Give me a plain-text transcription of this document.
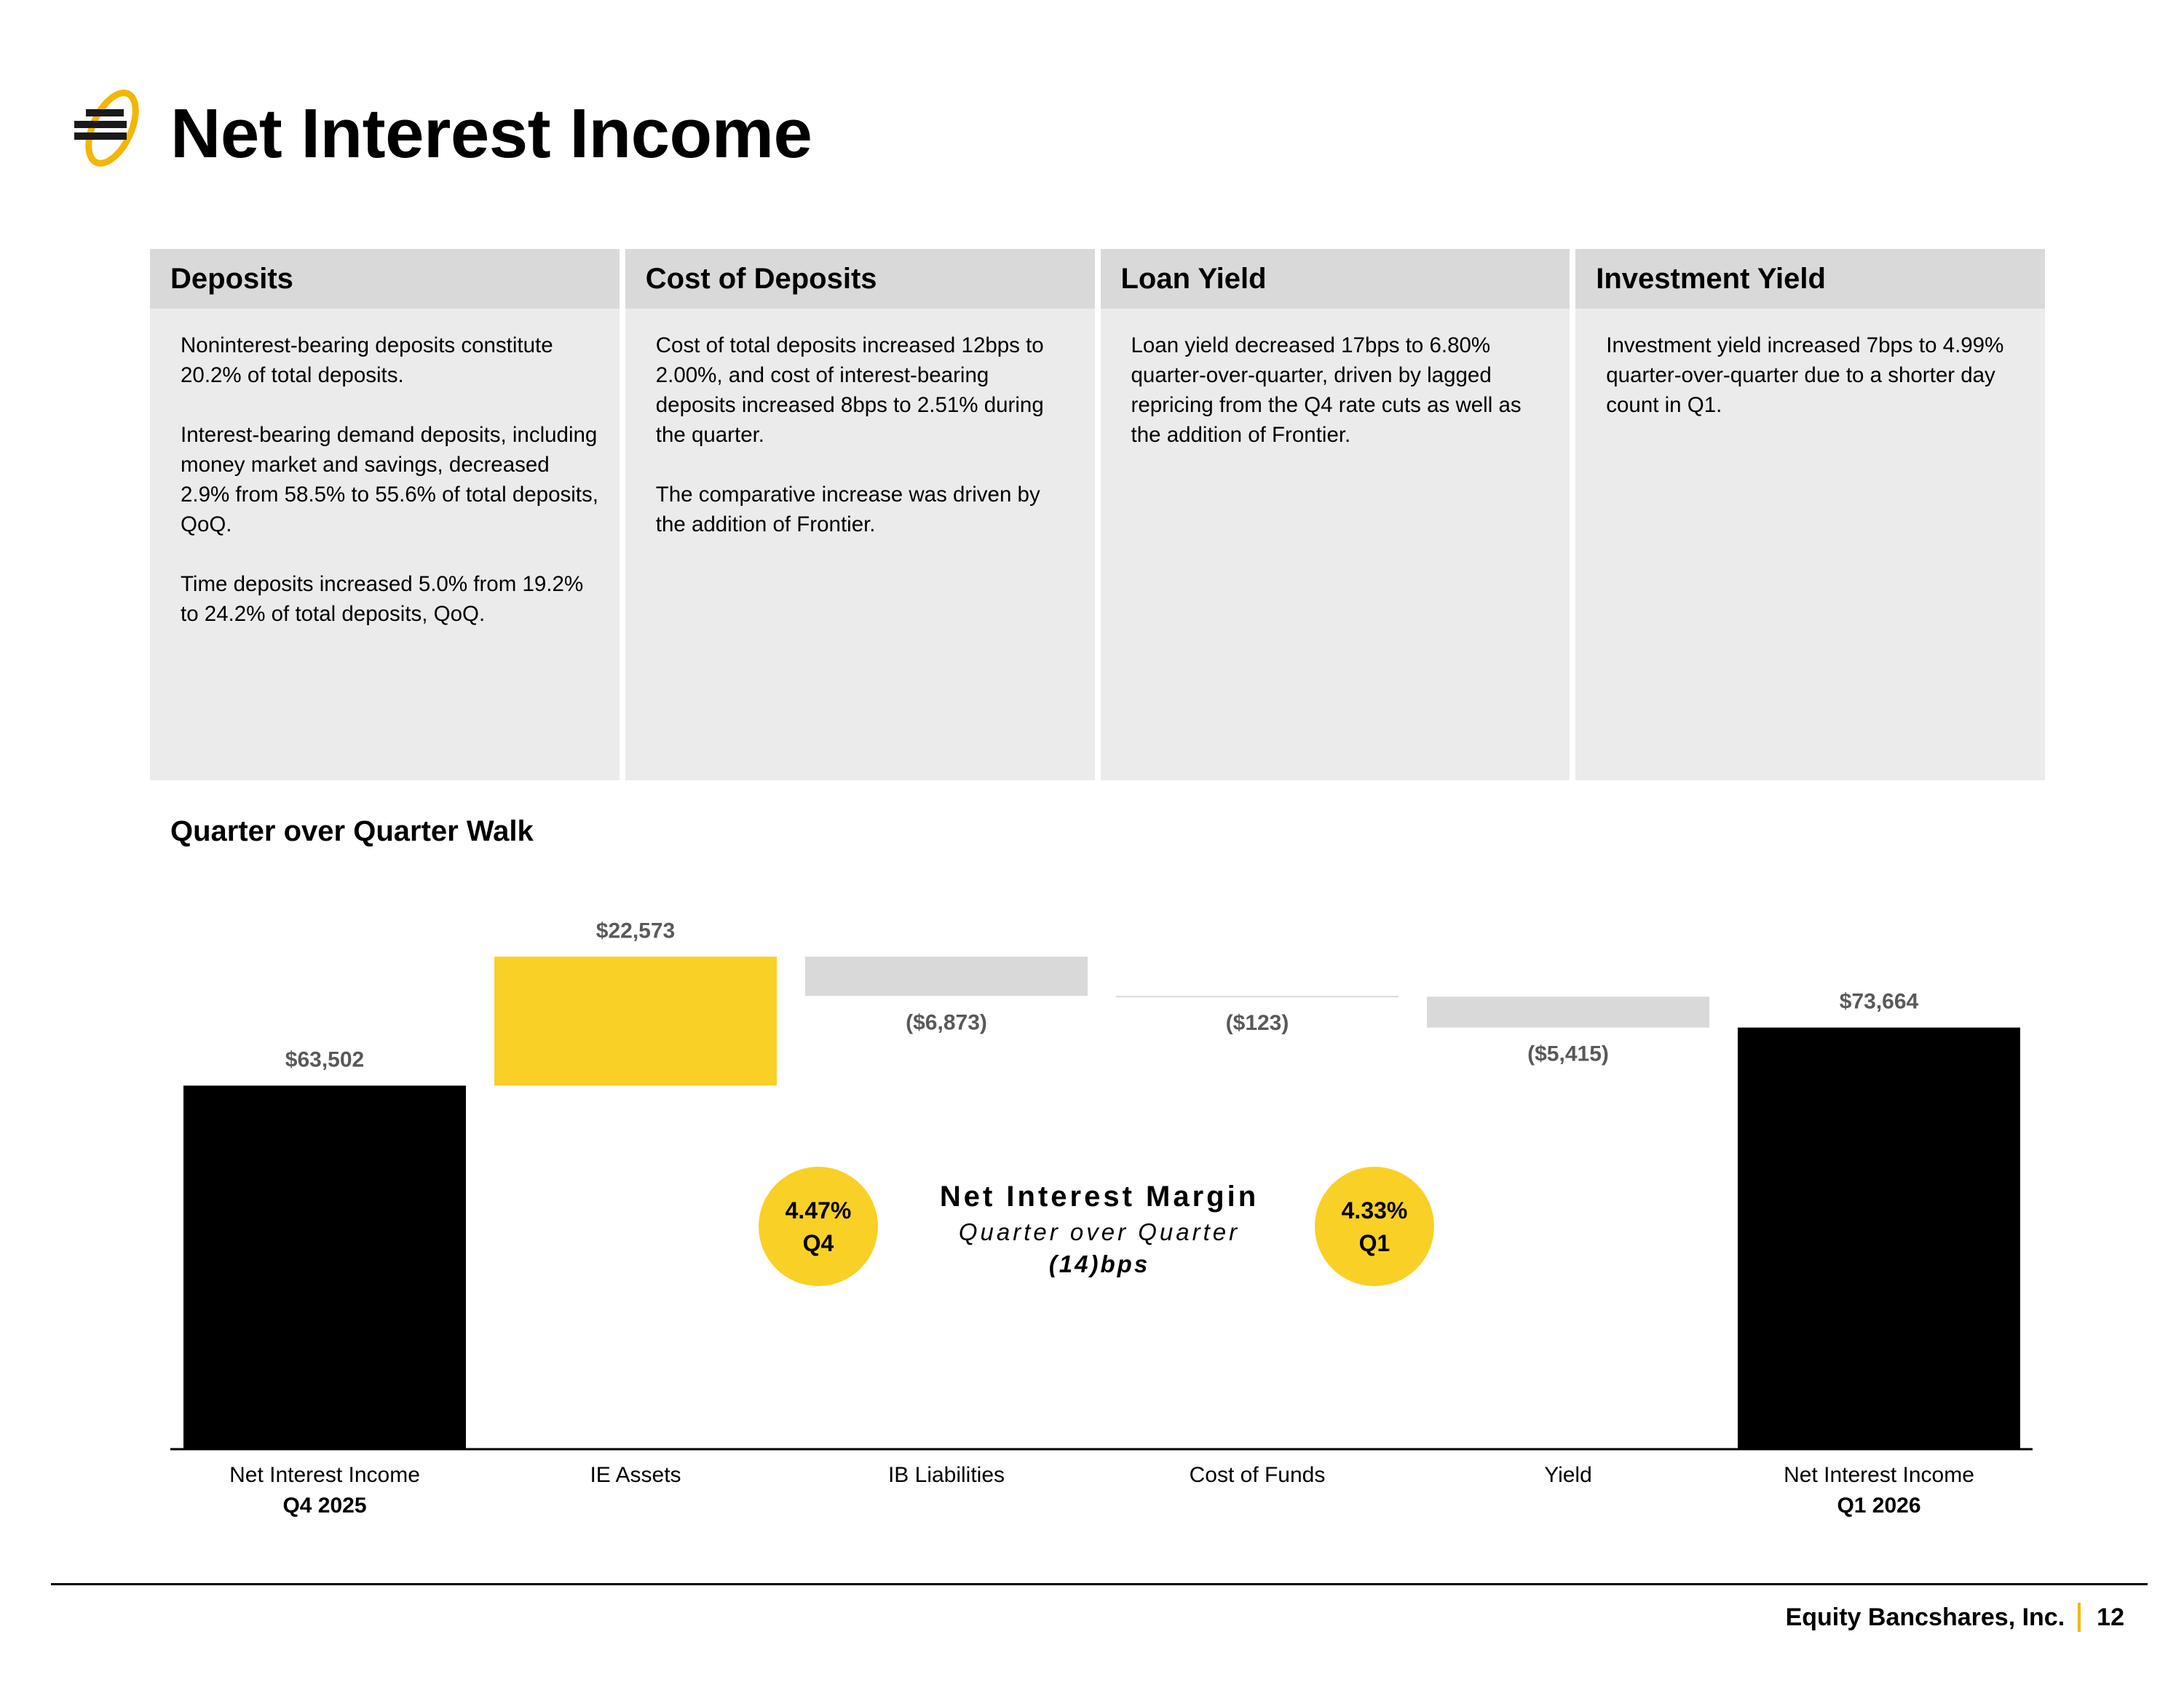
Net Interest Income
Deposits

Noninterest-bearing deposits constitute 20.2% of total deposits.

Interest-bearing demand deposits, including money market and savings, decreased 2.9% from 58.5% to 55.6% of total deposits, QoQ.

Time deposits increased 5.0% from 19.2% to 24.2% of total deposits, QoQ.

Cost of Deposits

Cost of total deposits increased 12bps to 2.00%, and cost of interest-bearing deposits increased 8bps to 2.51% during the quarter.

The comparative increase was driven by the addition of Frontier.

Loan Yield

Loan yield decreased 17bps to 6.80% quarter-over-quarter, driven by lagged repricing from the Q4 rate cuts as well as the addition of Frontier.

Investment Yield

Investment yield increased 7bps to 4.99% quarter-over-quarter due to a shorter day count in Q1.

Quarter over Quarter Walk
$63,502
$22,573
($6,873)	($123)
($5,415)
$73,664
Net Interest Income
Q4 2025
IE Assets	IB Liabilities	Cost of Funds	Yield	Net Interest Income
Q1 2026
4.47%
Q4
4.33%
Q1
Net Interest Margin
Quarter over Quarter
(14)bps
Equity Bancshares, Inc. 12
